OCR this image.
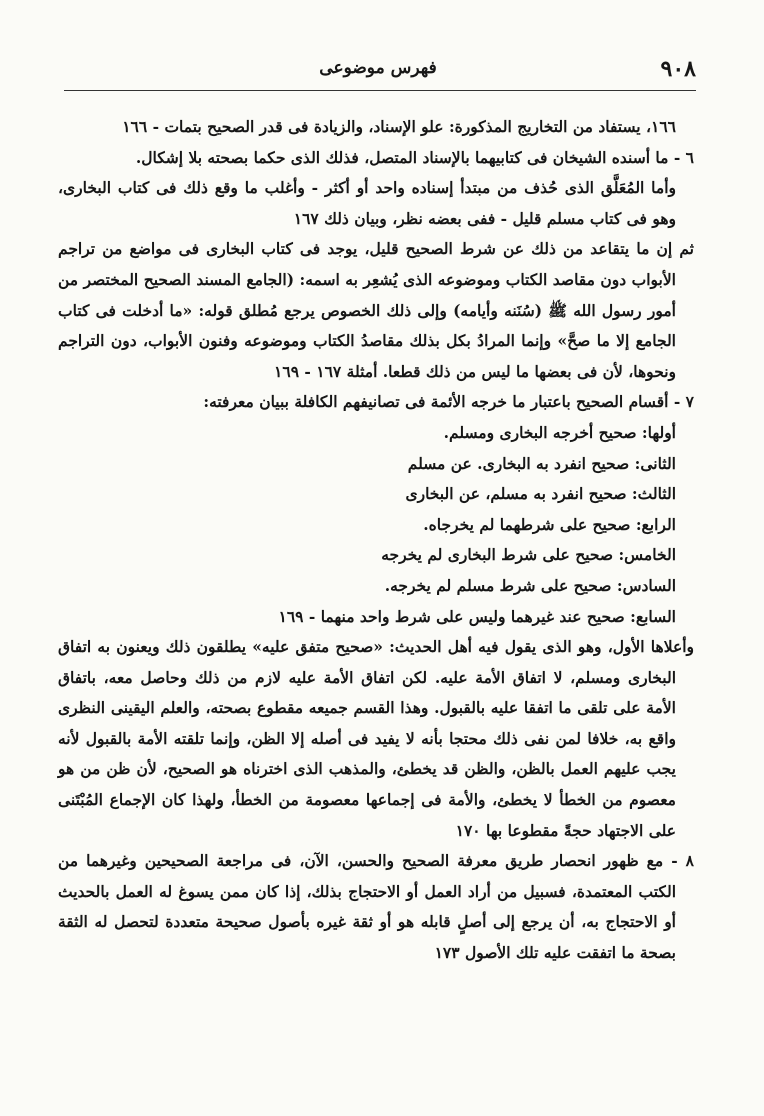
٩٠٨
فهرس موضوعى

١٦٦، يستفاد من التخاريج المذكورة: علو الإسناد، والزيادة فى قدر الصحيح بتمات - ١٦٦

٦ - ما أسنده الشيخان فى كتابيهما بالإسناد المتصل، فذلك الذى حكما بصحته بلا إشكال.

وأما المُعَلَّق الذى حُذف من مبتدأ إسناده واحد أو أكثر - وأغلب ما وقع ذلك فى كتاب البخارى، وهو فى كتاب مسلم قليل - ففى بعضه نظر، وبيان ذلك ١٦٧

ثم إن ما يتقاعد من ذلك عن شرط الصحيح قليل، يوجد فى كتاب البخارى فى مواضع من تراجم الأبواب دون مقاصد الكتاب وموضوعه الذى يُشعِر به اسمه: (الجامع المسند الصحيح المختصر من أمور رسول الله ﷺ (سُنَنه وأيامه) وإلى ذلك الخصوص يرجع مُطلق قوله: «ما أدخلت فى كتاب الجامع إلا ما صحَّ» وإنما المرادُ بكل بذلك مقاصدُ الكتاب وموضوعه وفنون الأبواب، دون التراجم ونحوها، لأن فى بعضها ما ليس من ذلك قطعا. أمثلة ١٦٧ - ١٦٩

٧ - أقسام الصحيح باعتبار ما خرجه الأئمة فى تصانيفهم الكافلة ببيان معرفته:

أولها: صحيح أخرجه البخارى ومسلم.
الثانى: صحيح انفرد به البخارى. عن مسلم
الثالث: صحيح انفرد به مسلم، عن البخارى
الرابع: صحيح على شرطهما لم يخرجاه.
الخامس: صحيح على شرط البخارى لم يخرجه
السادس: صحيح على شرط مسلم لم يخرجه.
السابع: صحيح عند غيرهما وليس على شرط واحد منهما - ١٦٩

وأعلاها الأول، وهو الذى يقول فيه أهل الحديث: «صحيح متفق عليه» يطلقون ذلك ويعنون به اتفاق البخارى ومسلم، لا اتفاق الأمة عليه. لكن اتفاق الأمة عليه لازم من ذلك وحاصل معه، باتفاق الأمة على تلقى ما اتفقا عليه بالقبول. وهذا القسم جميعه مقطوع بصحته، والعلم اليقينى النظرى واقع به، خلافا لمن نفى ذلك محتجا بأنه لا يفيد فى أصله إلا الظن، وإنما تلقته الأمة بالقبول لأنه يجب عليهم العمل بالظن، والظن قد يخطئ، والمذهب الذى اخترناه هو الصحيح، لأن ظن من هو معصوم من الخطأ لا يخطئ، والأمة فى إجماعها معصومة من الخطأ، ولهذا كان الإجماع المُبْتَنى على الاجتهاد حجةً مقطوعا بها ١٧٠

٨ - مع ظهور انحصار طريق معرفة الصحيح والحسن، الآن، فى مراجعة الصحيحين وغيرهما من الكتب المعتمدة، فسبيل من أراد العمل أو الاحتجاج بذلك، إذا كان ممن يسوغ له العمل بالحديث أو الاحتجاج به، أن يرجع إلى أصلٍ قابله هو أو ثقة غيره بأصول صحيحة متعددة لتحصل له الثقة بصحة ما اتفقت عليه تلك الأصول ١٧٣
